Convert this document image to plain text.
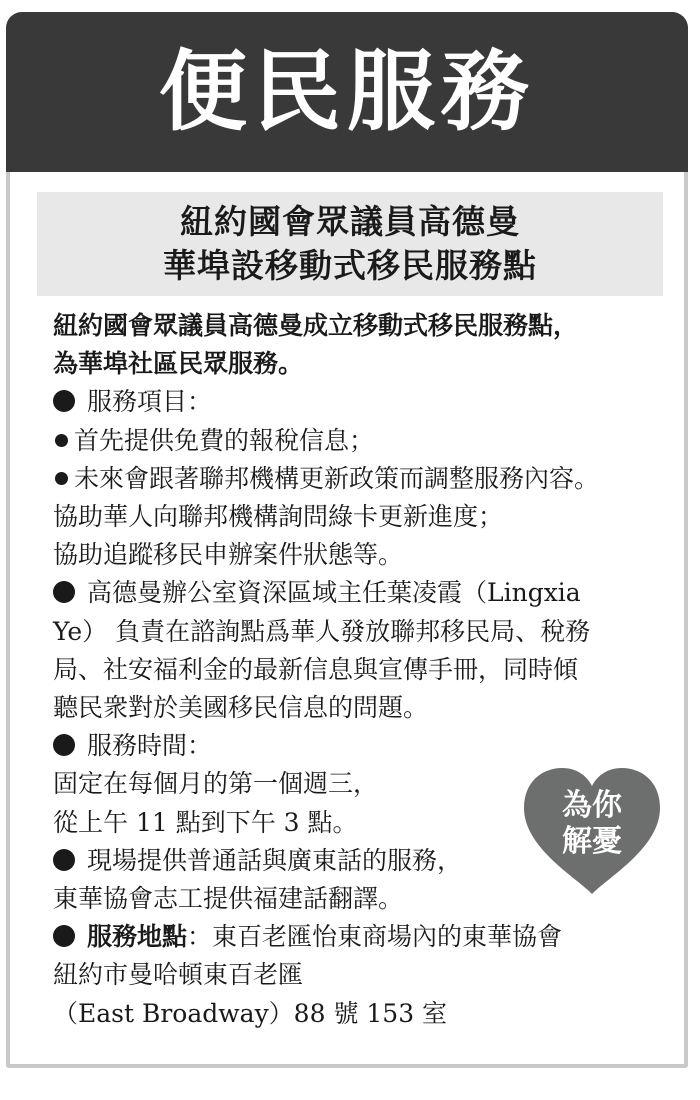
便民服務
紐約國會眾議員高德曼
華埠設移動式移民服務點
紐約國會眾議員高德曼成立移動式移民服務點，
為華埠社區民眾服務。
服務項目：
首先提供免費的報稅信息；
未來會跟著聯邦機構更新政策而調整服務內容。
協助華人向聯邦機構詢問綠卡更新進度；
協助追蹤移民申辦案件狀態等。
高德曼辦公室資深區域主任葉凌霞（Lingxia
Ye） 負責在諮詢點爲華人發放聯邦移民局、稅務
局、社安福利金的最新信息與宣傳手冊，同時傾
聽民衆對於美國移民信息的問題。
服務時間：
固定在每個月的第一個週三，
從上午 11 點到下午 3 點。
現場提供普通話與廣東話的服務，
東華協會志工提供福建話翻譯。
服務地點：東百老匯怡東商場內的東華協會
紐約市曼哈頓東百老匯
（East Broadway）88 號 153 室
為你
解憂
